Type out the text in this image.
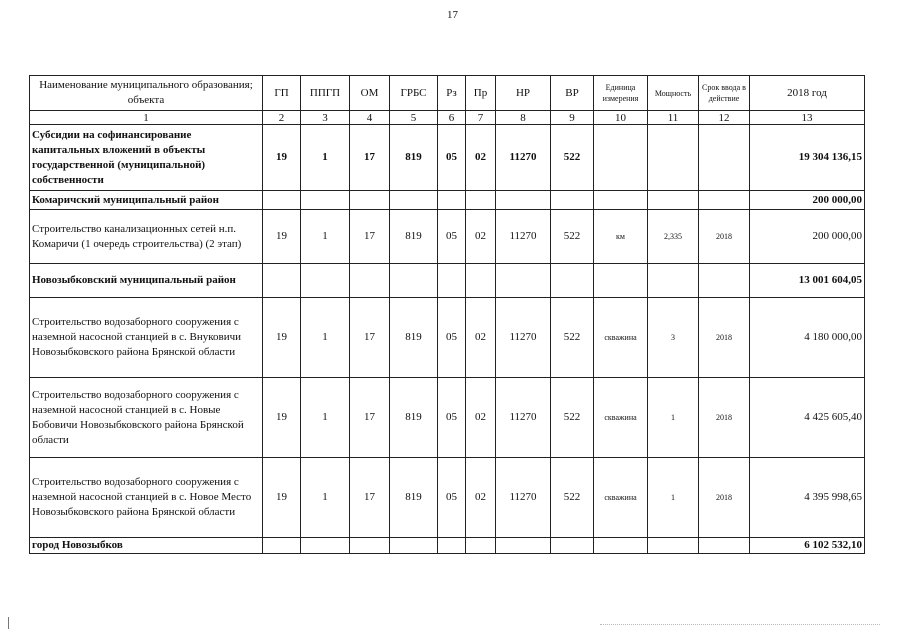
17
Наименование муниципального образования; объекта	ГП	ППГП	ОМ	ГРБС	Рз	Пр	НР	ВР	Единица измерения	Мощность	Срок ввода в действие	2018 год
1	2	3	4	5	6	7	8	9	10	11	12	13
Субсидии на софинансирование капитальных вложений в объекты государственной (муниципальной) собственности	19	1	17	819	05	02	11270	522				19 304 136,15
Комаричский муниципальный район												200 000,00
Строительство канализационных сетей н.п. Комаричи (1 очередь строительства) (2 этап)	19	1	17	819	05	02	11270	522	км	2,335	2018	200 000,00
Новозыбковский муниципальный район												13 001 604,05
Строительство водозаборного сооружения с наземной насосной станцией в с. Внуковичи Новозыбковского района Брянской области	19	1	17	819	05	02	11270	522	скважина	3	2018	4 180 000,00
Строительство водозаборного сооружения с наземной насосной станцией в с. Новые Бобовичи Новозыбковского района Брянской области	19	1	17	819	05	02	11270	522	скважина	1	2018	4 425 605,40
Строительство водозаборного сооружения с наземной насосной станцией в с. Новое Место Новозыбковского района Брянской области	19	1	17	819	05	02	11270	522	скважина	1	2018	4 395 998,65
город Новозыбков												6 102 532,10
